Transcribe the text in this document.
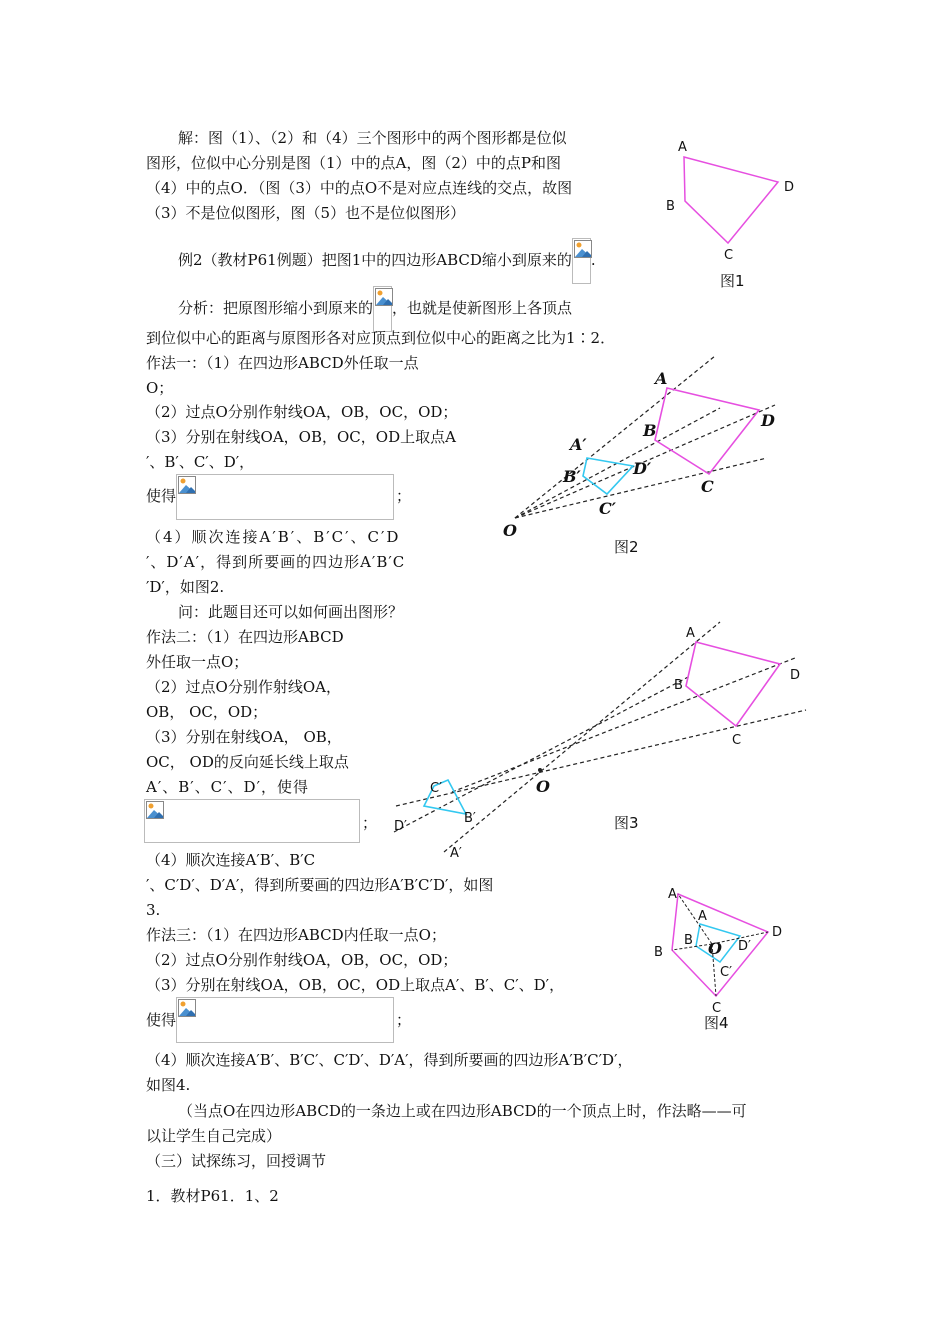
解：图（1）、（2）和（4）三个图形中的两个图形都是位似
图形，位似中心分别是图（1）中的点A，图（2）中的点P和图
（4）中的点O．（图（3）中的点O不是对应点连线的交点，故图
（3）不是位似图形，图（5）也不是位似图形）
例2（教材P61例题）把图1中的四边形ABCD缩小到原来的 .
分析：把原图形缩小到原来的 ，也就是使新图形上各顶点
到位似中心的距离与原图形各对应顶点到位似中心的距离之比为1∶2．
作法一：（1）在四边形ABCD外任取一点
O；
（2）过点O分别作射线OA，OB，OC，OD；
（3）分别在射线OA，OB，OC，OD上取点A
′、B′、C′、D′，
使得	；
（4）顺次连接A′B′、B′C′、C′D
′、D′A′，得到所要画的四边形A′B′C
′D′，如图2.
问：此题目还可以如何画出图形？
作法二：（1）在四边形ABCD
外任取一点O；
（2）过点O分别作射线OA，
OB， OC，OD；
（3）分别在射线OA， OB，
OC， OD的反向延长线上取点
A′、B′、C′、D′，使得
；
（4）顺次连接A′B′、B′C
′、C′D′、D′A′，得到所要画的四边形A′B′C′D′，如图
3.
作法三：（1）在四边形ABCD内任取一点O；
（2）过点O分别作射线OA，OB，OC，OD；
（3）分别在射线OA，OB，OC，OD上取点A′、B′、C′、D′，
使得	；
（4）顺次连接A′B′、B′C′、C′D′、D′A′，得到所要画的四边形A′B′C′D′，
如图4.
（当点O在四边形ABCD的一条边上或在四边形ABCD的一个顶点上时，作法略——可
以让学生自己完成）
（三）试探练习，回授调节
1．教材P61．1、2
A
B
C
D
图1
A
B
C
D
A′
B′
C′
D′
O
图2
A
B
C
D
A′
B′
C′
D′
O
图3
A
B
C
D
A
B
C′
D′
O
图4
